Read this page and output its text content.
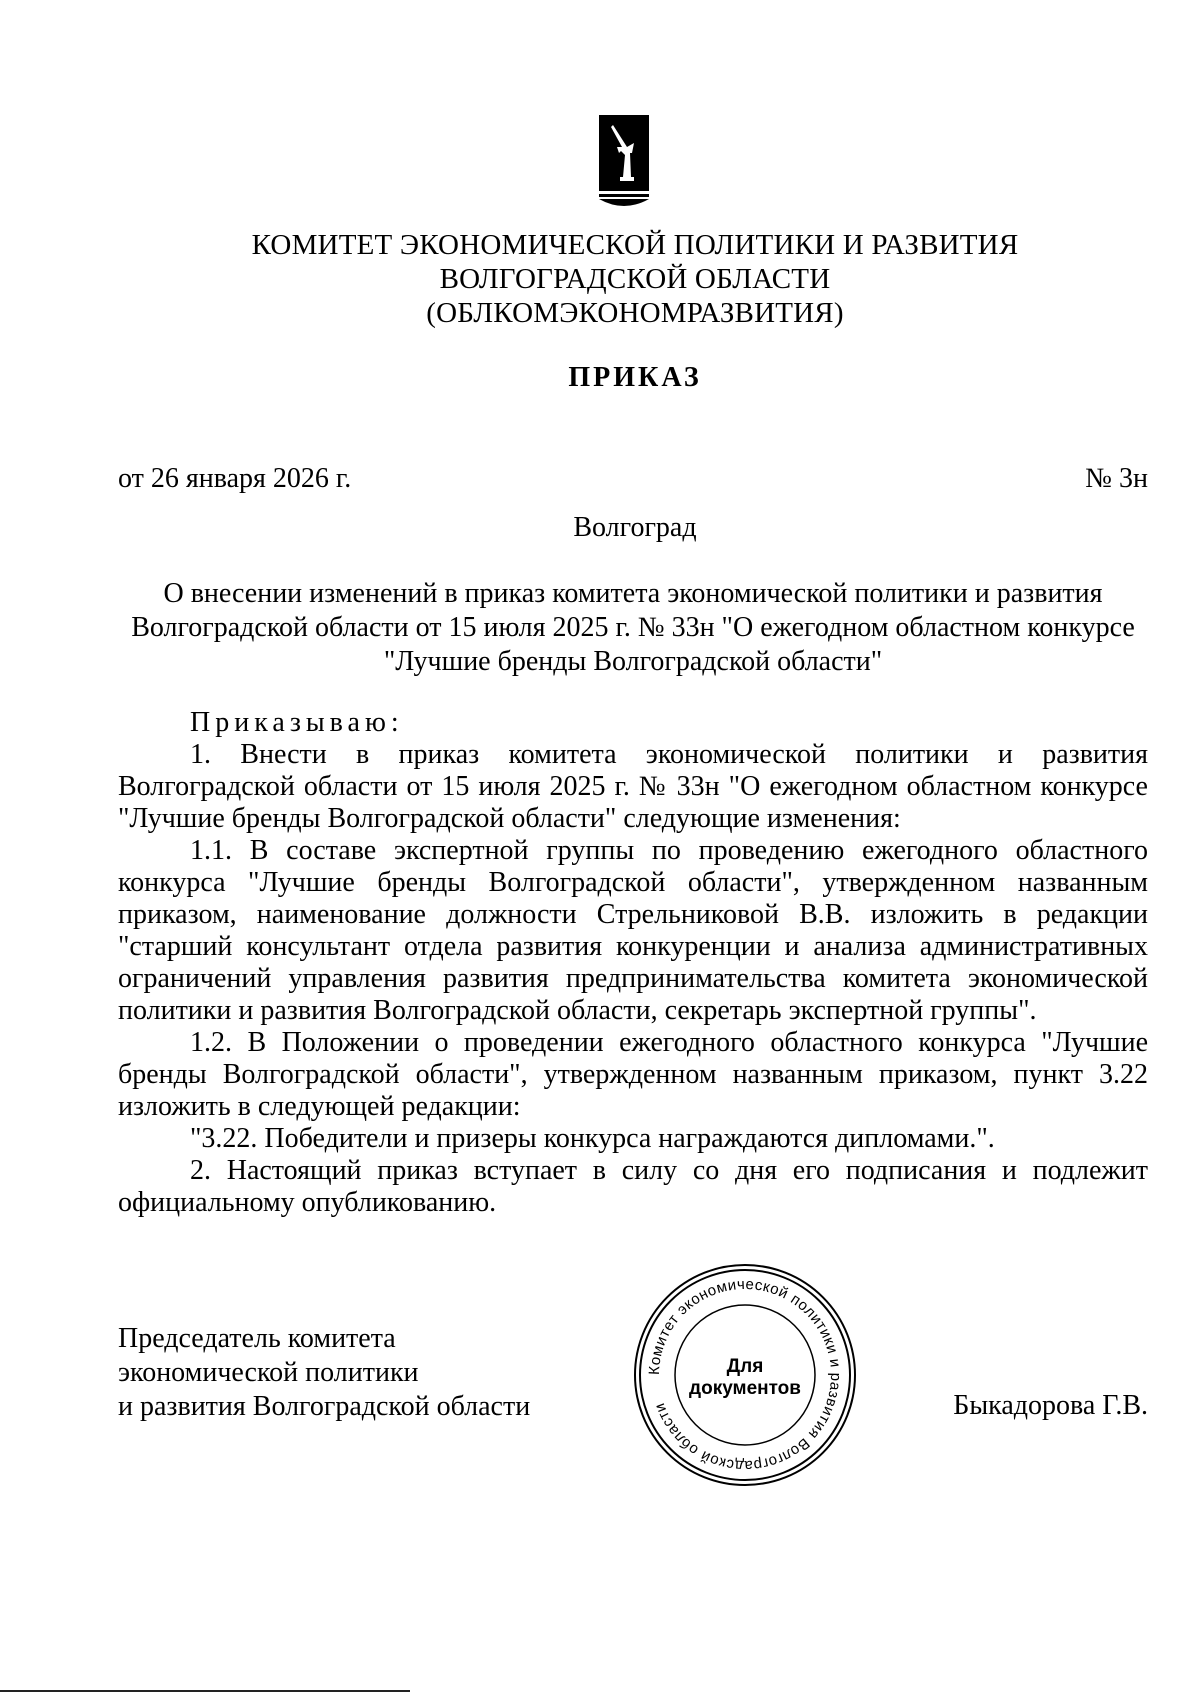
КОМИТЕТ ЭКОНОМИЧЕСКОЙ ПОЛИТИКИ И РАЗВИТИЯ
ВОЛГОГРАДСКОЙ ОБЛАСТИ
(ОБЛКОМЭКОНОМРАЗВИТИЯ)
ПРИКАЗ
от 26 января 2026 г.	№ 3н
Волгоград
О внесении изменений в приказ комитета экономической политики и развития
Волгоградской области от 15 июля 2025 г. № 33н "О ежегодном областном конкурсе
"Лучшие бренды Волгоградской области"

Приказываю:

1. Внести в приказ комитета экономической политики и развития Волгоградской области от 15 июля 2025 г. № 33н "О ежегодном областном конкурсе "Лучшие бренды Волгоградской области" следующие изменения:

1.1. В составе экспертной группы по проведению ежегодного областного конкурса "Лучшие бренды Волгоградской области", утвержденном названным приказом, наименование должности Стрельниковой В.В. изложить в редакции "старший консультант отдела развития конкуренции и анализа административных ограничений управления развития предпринимательства комитета экономической политики и развития Волгоградской области, секретарь экспертной группы".

1.2. В Положении о проведении ежегодного областного конкурса "Лучшие бренды Волгоградской области", утвержденном названным приказом, пункт 3.22 изложить в следующей редакции:

"3.22. Победители и призеры конкурса награждаются дипломами.".

2. Настоящий приказ вступает в силу со дня его подписания и подлежит официальному опубликованию.

Председатель комитета
экономической политики
и развития Волгоградской области
Комитет экономической политики и развития Волгоградской области
Для
документов
Быкадорова Г.В.
